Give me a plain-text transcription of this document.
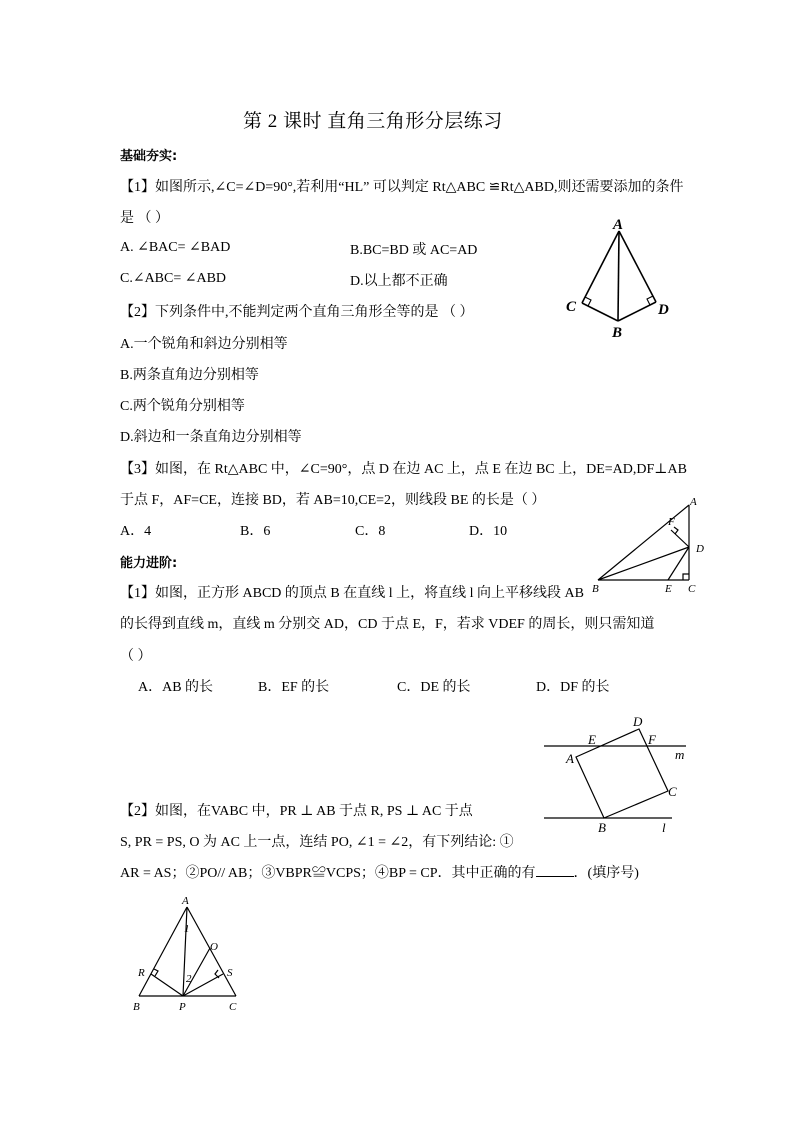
第 2 课时 直角三角形分层练习
基础夯实:
【1】如图所示,∠C=∠D=90°,若利用“HL” 可以判定 Rt△ABC ≌Rt△ABD,则还需要添加的条件
是 （ ）
A. ∠BAC= ∠BAD	B.BC=BD 或 AC=AD
C.∠ABC= ∠ABD	D.以上都不正确
A
C	D
B
【2】下列条件中,不能判定两个直角三角形全等的是 （ ）
A.一个锐角和斜边分别相等
B.两条直角边分别相等
C.两个锐角分别相等
D.斜边和一条直角边分别相等
【3】如图，在 Rt△ABC 中，∠C=90°，点 D 在边 AC 上，点 E 在边 BC 上，DE=AD,DF⊥AB
于点 F，AF=CE，连接 BD，若 AB=10,CE=2，则线段 BE 的长是（ ）
A．4	B．6	C．8	D．10
A
F
D
B	E C
能力进阶:
【1】如图，正方形 ABCD 的顶点 B 在直线 l 上，将直线 l 向上平移线段 AB
的长得到直线 m，直线 m 分别交 AD，CD 于点 E，F，若求 VDEF 的周长，则只需知道
（ ）
A．AB 的长	B．EF 的长	C．DE 的长	D．DF 的长
D
E	F
m
A
C
B	l
【2】如图，在VABC 中，PR ⊥ AB 于点 R, PS ⊥ AC 于点
S, PR = PS, O 为 AC 上一点，连结 PO, ∠1 = ∠2，有下列结论: ①
AR = AS；②PO// AB；③VBPR≌VCPS；④BP = CP．其中正确的有	．(填序号)
A
1
O
R	2	S
B	P	C
